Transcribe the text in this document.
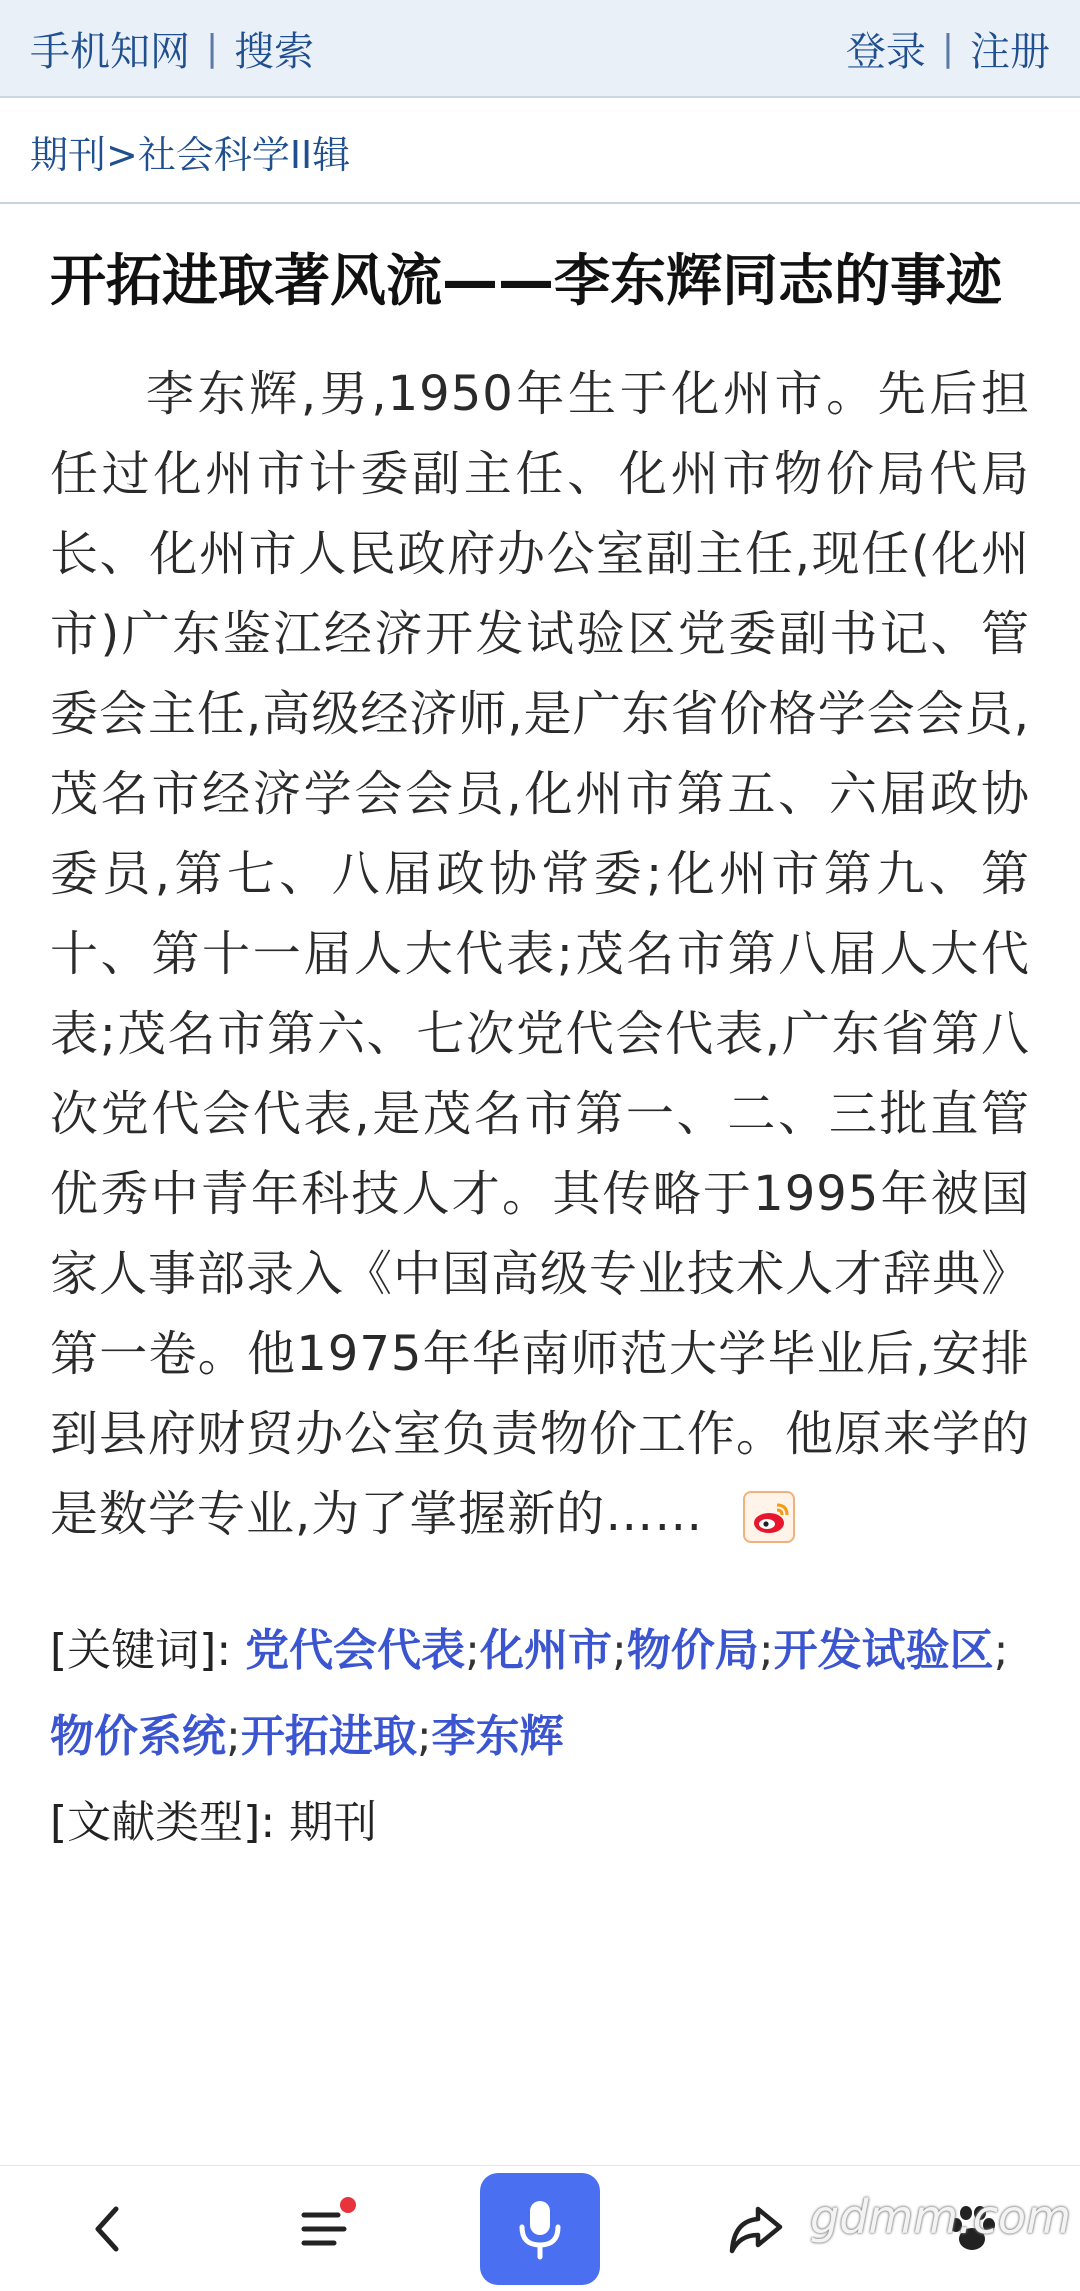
手机知网 | 搜索	登录 | 注册
期刊>社会科学II辑
开拓进取著风流——李东辉同志的事迹

李东辉,男,1950年生于化州市。先后担任过化州市计委副主任、化州市物价局代局长、化州市人民政府办公室副主任,现任(化州市)广东鉴江经济开发试验区党委副书记、管委会主任,高级经济师,是广东省价格学会会员,茂名市经济学会会员,化州市第五、六届政协委员,第七、八届政协常委;化州市第九、第十、第十一届人大代表;茂名市第八届人大代表;茂名市第六、七次党代会代表,广东省第八次党代会代表,是茂名市第一、二、三批直管优秀中青年科技人才。其传略于1995年被国家人事部录入《中国高级专业技术人才辞典》第一卷。他1975年华南师范大学毕业后,安排到县府财贸办公室负责物价工作。他原来学的是数学专业,为了掌握新的……

[关键词]: 党代会代表;化州市;物价局;开发试验区;物价系统;开拓进取;李东辉
[文献类型]: 期刊
gdmm.com
